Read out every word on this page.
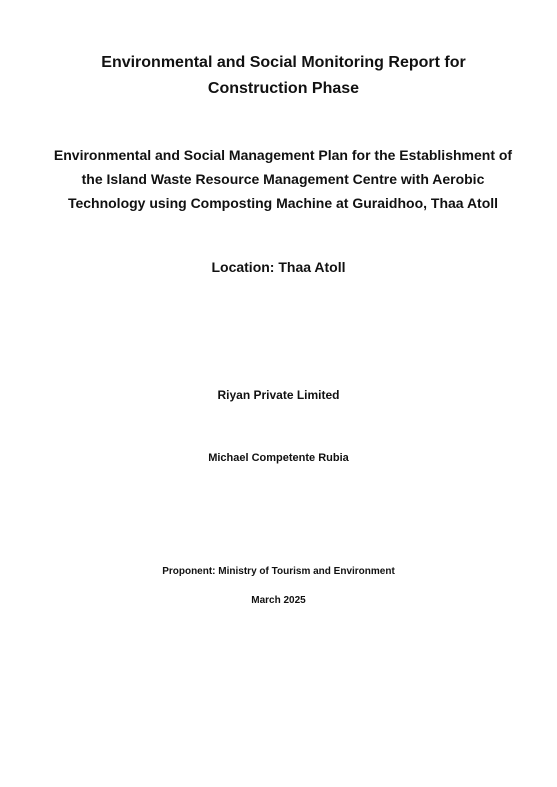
Environmental and Social Monitoring Report for Construction Phase
Environmental and Social Management Plan for the Establishment of the Island Waste Resource Management Centre with Aerobic Technology using Composting Machine at Guraidhoo, Thaa Atoll

Location: Thaa Atoll

Riyan Private Limited

Michael Competente Rubia

Proponent: Ministry of Tourism and Environment

March 2025
